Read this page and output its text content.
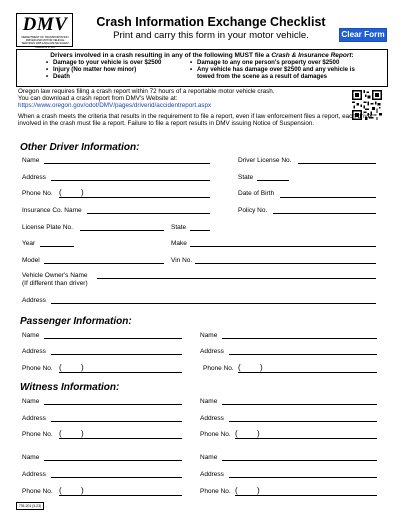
DMV
DEPARTMENT OF TRANSPORTATION DRIVER AND MOTOR VEHICLE SERVICES 1905 LANA AVE NE SALEM OREGON 97314
Crash Information Exchange Checklist
Print and carry this form in your motor vehicle.	Clear Form
Drivers involved in a crash resulting in any of the following MUST file a Crash & Insurance Report:
• Damage to your vehicle is over $2500
• Injury (No matter how minor)
• Death
• Damage to any one person's property over $2500
• Any vehicle has damage over $2500 and any vehicle is
towed from the scene as a result of damages
Oregon law requires filing a crash report within 72 hours of a reportable motor vehicle crash.
You can download a crash report from DMV's Website at:
https://www.oregon.gov/odot/DMV/pages/driverid/accidentreport.aspx
When a crash meets the criteria that results in the requirement to file a report, even if law enforcement files a report, each driver involved in the crash must file a report. Failure to file a report results in DMV issuing Notice of Suspension.
Other Driver Information:
Name	Driver License No.
Address	State
Phone No. ( )	Date of Birth
Insurance Co. Name	Policy No.
License Plate No.	State
Year	Make
Model	Vin No.
Vehicle Owner's Name
(If different than driver)
Address
Passenger Information:
Name	Name
Address	Address
Phone No. ( )	Phone No. ( )
Witness Information:
Name	Name
Address	Address
Phone No. ( )	Phone No. ( )
Name	Name
Address	Address
Phone No. ( )	Phone No. ( )
735-201 (3-23)
